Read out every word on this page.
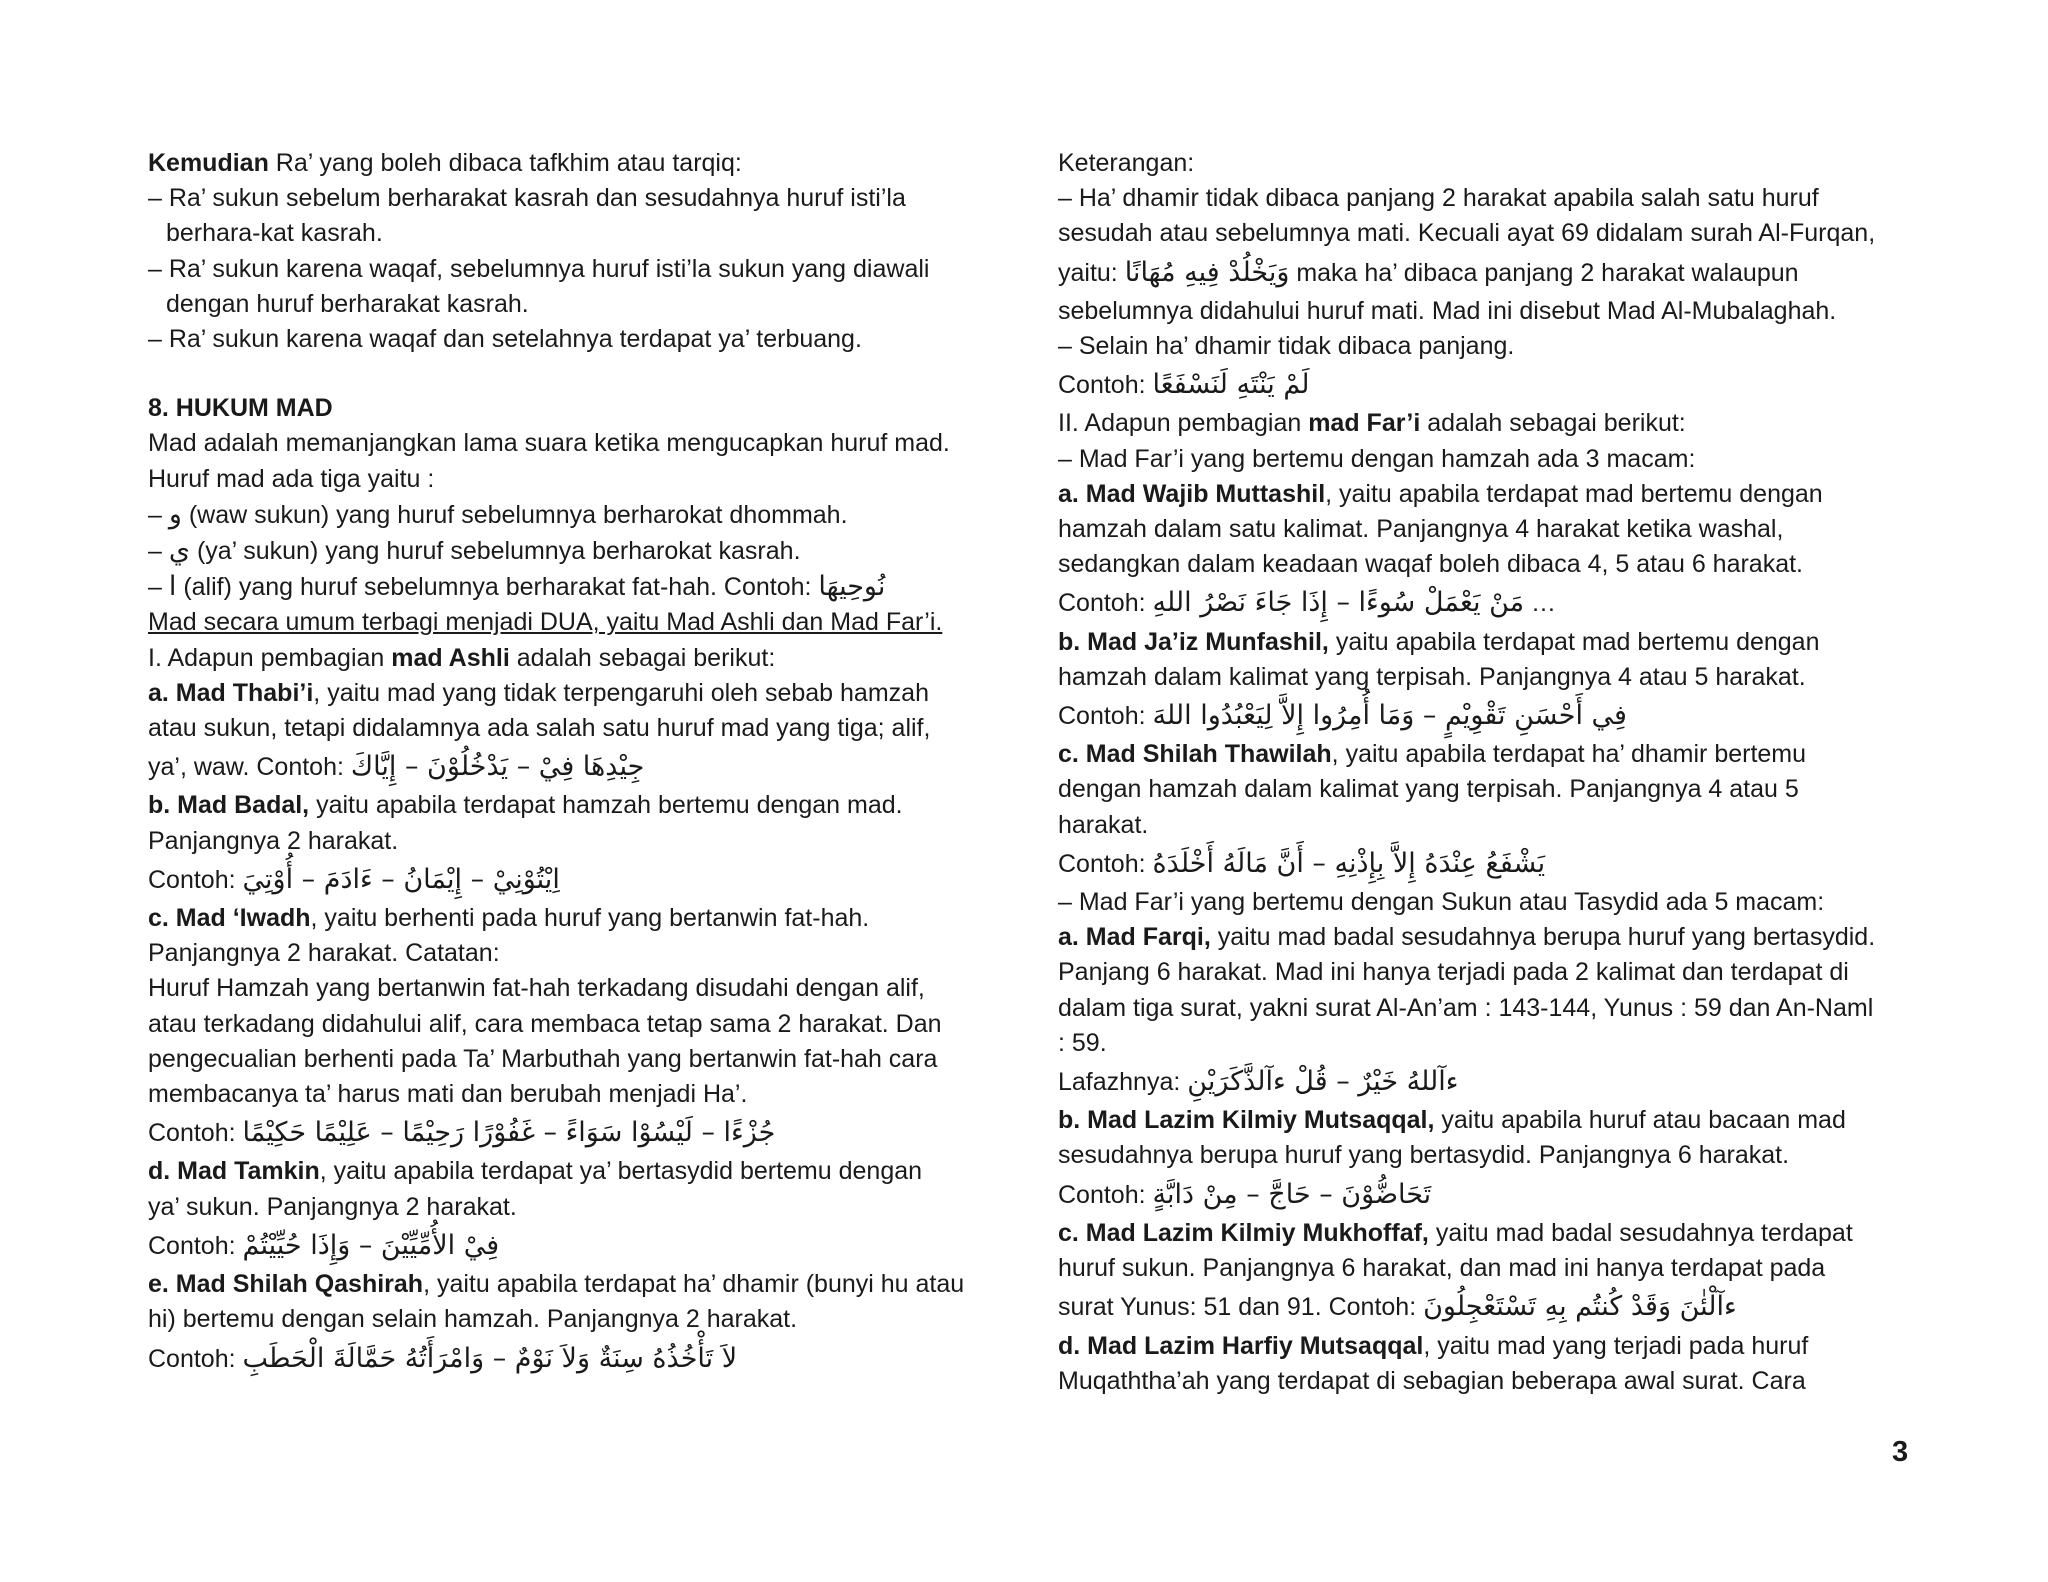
Kemudian Ra’ yang boleh dibaca tafkhim atau tarqiq:
– Ra’ sukun sebelum berharakat kasrah dan sesudahnya huruf isti’la
berhara-kat kasrah.
– Ra’ sukun karena waqaf, sebelumnya huruf isti’la sukun yang diawali
dengan huruf berharakat kasrah.
– Ra’ sukun karena waqaf dan setelahnya terdapat ya’ terbuang.
8. HUKUM MAD
Mad adalah memanjangkan lama suara ketika mengucapkan huruf mad.
Huruf mad ada tiga yaitu :
– و (waw sukun) yang huruf sebelumnya berharokat dhommah.
– ي (ya’ sukun) yang huruf sebelumnya berharokat kasrah.
– ا (alif) yang huruf sebelumnya berharakat fat-hah. Contoh: نُوحِيهَا
Mad secara umum terbagi menjadi DUA, yaitu Mad Ashli dan Mad Far’i.
I. Adapun pembagian mad Ashli adalah sebagai berikut:
a. Mad Thabi’i, yaitu mad yang tidak terpengaruhi oleh sebab hamzah
atau sukun, tetapi didalamnya ada salah satu huruf mad yang tiga; alif,
ya’, waw. Contoh: جِيْدِهَا فِيْ – يَدْخُلُوْنَ – إِيَّاكَ
b. Mad Badal, yaitu apabila terdapat hamzah bertemu dengan mad.
Panjangnya 2 harakat.
Contoh: اِيْتُوْنِيْ – إِيْمَانُ – ءَادَمَ – أُوْتِيَ
c. Mad ‘Iwadh, yaitu berhenti pada huruf yang bertanwin fat-hah.
Panjangnya 2 harakat. Catatan:
Huruf Hamzah yang bertanwin fat-hah terkadang disudahi dengan alif,
atau terkadang didahului alif, cara membaca tetap sama 2 harakat. Dan
pengecualian berhenti pada Ta’ Marbuthah yang bertanwin fat-hah cara
membacanya ta’ harus mati dan berubah menjadi Ha’.
Contoh: جُزْءًا – لَيْسُوْا سَوَاءً – غَفُوْرًا رَحِيْمًا – عَلِيْمًا حَكِيْمًا
d. Mad Tamkin, yaitu apabila terdapat ya’ bertasydid bertemu dengan
ya’ sukun. Panjangnya 2 harakat.
Contoh: فِيْ الأُمِّيِّيْنَ – وَإِذَا حُيِّيْتُمْ
e. Mad Shilah Qashirah, yaitu apabila terdapat ha’ dhamir (bunyi hu atau
hi) bertemu dengan selain hamzah. Panjangnya 2 harakat.
Contoh: لاَ تَأْخُذُهُ سِنَةٌ وَلاَ نَوْمٌ – وَامْرَأَتُهُ حَمَّالَةَ الْحَطَبِ
Keterangan:
– Ha’ dhamir tidak dibaca panjang 2 harakat apabila salah satu huruf
sesudah atau sebelumnya mati. Kecuali ayat 69 didalam surah Al-Furqan,
yaitu: وَيَخْلُدْ فِيهِ مُهَانًا maka ha’ dibaca panjang 2 harakat walaupun
sebelumnya didahului huruf mati. Mad ini disebut Mad Al-Mubalaghah.
– Selain ha’ dhamir tidak dibaca panjang.
Contoh: لَمْ يَنْتَهِ لَنَسْفَعًا
II. Adapun pembagian mad Far’i adalah sebagai berikut:
– Mad Far’i yang bertemu dengan hamzah ada 3 macam:
a. Mad Wajib Muttashil, yaitu apabila terdapat mad bertemu dengan
hamzah dalam satu kalimat. Panjangnya 4 harakat ketika washal,
sedangkan dalam keadaan waqaf boleh dibaca 4, 5 atau 6 harakat.
Contoh: مَنْ يَعْمَلْ سُوءًا – إِذَا جَاءَ نَصْرُ اللهِ …
b. Mad Ja’iz Munfashil, yaitu apabila terdapat mad bertemu dengan
hamzah dalam kalimat yang terpisah. Panjangnya 4 atau 5 harakat.
Contoh: فِي أَحْسَنِ تَقْوِيْمٍ – وَمَا أُمِرُوا إِلاَّ لِيَعْبُدُوا اللهَ
c. Mad Shilah Thawilah, yaitu apabila terdapat ha’ dhamir bertemu
dengan hamzah dalam kalimat yang terpisah. Panjangnya 4 atau 5
harakat.
Contoh: يَشْفَعُ عِنْدَهُ إِلاَّ بِإِذْنِهِ – أَنَّ مَالَهُ أَخْلَدَهُ
– Mad Far’i yang bertemu dengan Sukun atau Tasydid ada 5 macam:
a. Mad Farqi, yaitu mad badal sesudahnya berupa huruf yang bertasydid.
Panjang 6 harakat. Mad ini hanya terjadi pada 2 kalimat dan terdapat di
dalam tiga surat, yakni surat Al-An’am : 143-144, Yunus : 59 dan An-Naml
: 59.
Lafazhnya: ءآللهُ خَيْرٌ – قُلْ ءآلذَّكَرَيْنِ
b. Mad Lazim Kilmiy Mutsaqqal, yaitu apabila huruf atau bacaan mad
sesudahnya berupa huruf yang bertasydid. Panjangnya 6 harakat.
Contoh: تَحَاضُّوْنَ – حَاجَّ – مِنْ دَابَّةٍ
c. Mad Lazim Kilmiy Mukhoffaf, yaitu mad badal sesudahnya terdapat
huruf sukun. Panjangnya 6 harakat, dan mad ini hanya terdapat pada
surat Yunus: 51 dan 91. Contoh: ءآلْئٰنَ وَقَدْ كُنتُم بِهِ تَسْتَعْجِلُونَ
d. Mad Lazim Harfiy Mutsaqqal, yaitu mad yang terjadi pada huruf
Muqaththa’ah yang terdapat di sebagian beberapa awal surat. Cara
3
